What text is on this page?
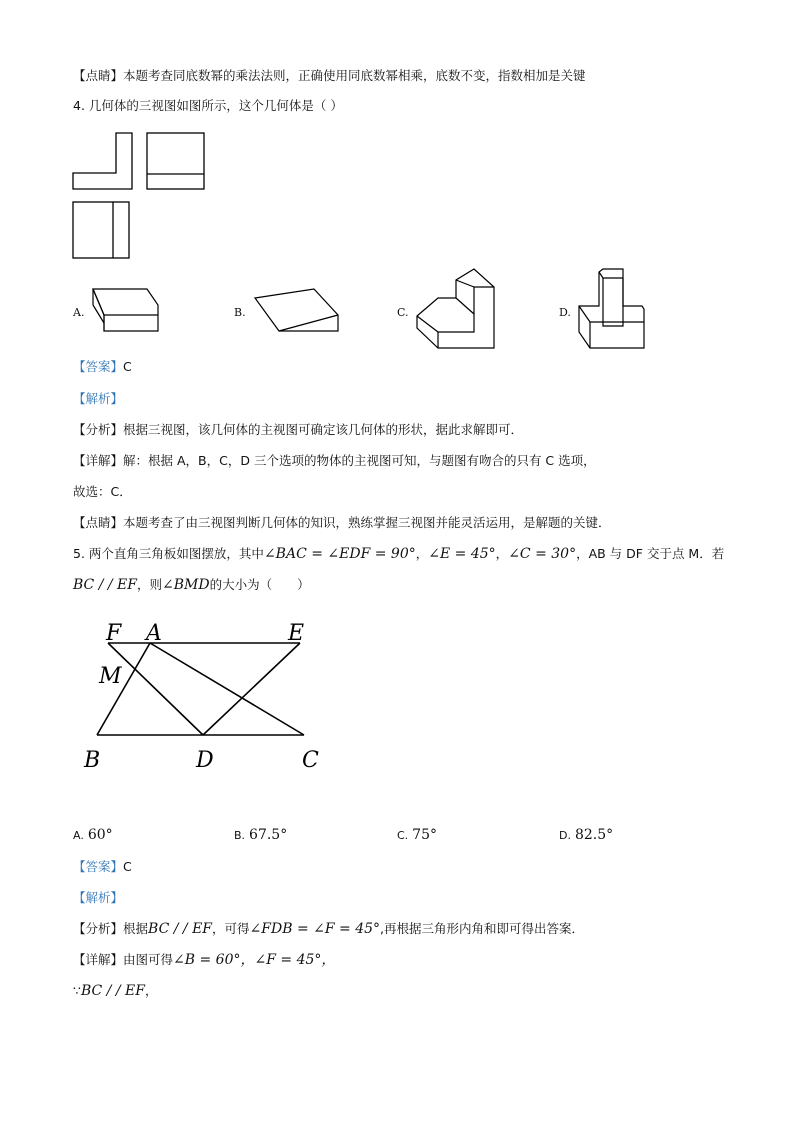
【点睛】本题考查同底数幂的乘法法则，正确使用同底数幂相乘，底数不变，指数相加是关键
4. 几何体的三视图如图所示，这个几何体是（ ）
A.	B.	C.	D.
【答案】C
【解析】
【分析】根据三视图，该几何体的主视图可确定该几何体的形状，据此求解即可．
【详解】解：根据 A，B，C，D 三个选项的物体的主视图可知，与题图有吻合的只有 C 选项，
故选：C．
【点睛】本题考查了由三视图判断几何体的知识，熟练掌握三视图并能灵活运用，是解题的关键．
5. 两个直角三角板如图摆放，其中∠BAC = ∠EDF = 90°，∠E = 45°，∠C = 30°，AB 与 DF 交于点 M．若
BC / / EF，则∠BMD的大小为（　　）
F A	E
M
B	D	C
A. 60°	B. 67.5°	C. 75°	D. 82.5°
【答案】C
【解析】
【分析】根据BC / / EF，可得∠FDB = ∠F = 45°,再根据三角形内角和即可得出答案．
【详解】由图可得∠B = 60°，∠F = 45°，
∵BC / / EF，
